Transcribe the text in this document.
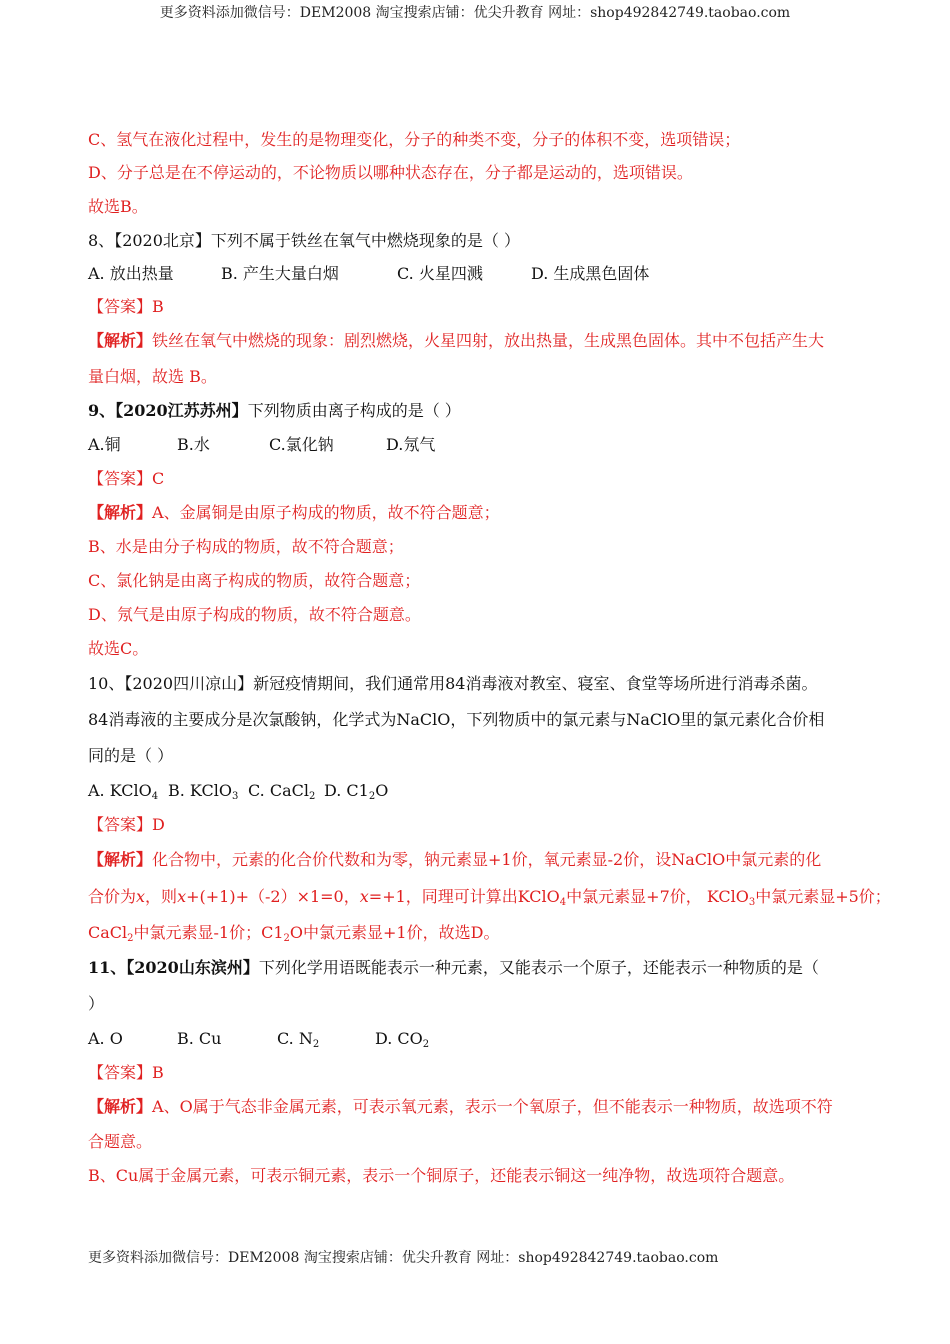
更多资料添加微信号：DEM2008 淘宝搜索店铺：优尖升教育 网址：shop492842749.taobao.com
C、氢气在液化过程中，发生的是物理变化，分子的种类不变，分子的体积不变，选项错误；
D、分子总是在不停运动的，不论物质以哪种状态存在，分子都是运动的，选项错误。
故选B。
8、【2020北京】下列不属于铁丝在氧气中燃烧现象的是（ ）
A. 放出热量	B. 产生大量白烟	C. 火星四溅	D. 生成黑色固体
【答案】B
【解析】铁丝在氧气中燃烧的现象：剧烈燃烧，火星四射，放出热量，生成黑色固体。其中不包括产生大
量白烟，故选 B。
9、【2020江苏苏州】下列物质由离子构成的是（ ）
A.铜	B.水	C.氯化钠	D.氖气
【答案】C
【解析】A、金属铜是由原子构成的物质，故不符合题意；
B、水是由分子构成的物质，故不符合题意；
C、氯化钠是由离子构成的物质，故符合题意；
D、氖气是由原子构成的物质，故不符合题意。
故选C。
10、【2020四川凉山】新冠疫情期间，我们通常用84消毒液对教室、寝室、食堂等场所进行消毒杀菌。
84消毒液的主要成分是次氯酸钠，化学式为NaClO，下列物质中的氯元素与NaClO里的氯元素化合价相
同的是（ ）
A. KClO$_4$ B. KClO$_3$ C. CaCl$_2$ D. $C1_2O$
【答案】D
【解析】化合物中，元素的化合价代数和为零，钠元素显+1价，氧元素显-2价，设NaClO中氯元素的化
合价为x，则x+(+1)+（-2）×1=0，x=+1，同理可计算出KClO$_4$中氯元素显+7价， KClO$_3$中氯元素显+5价；
CaCl$_2$中氯元素显-1价；$C1_2O$中氯元素显+1价，故选D。
11、【2020山东滨州】下列化学用语既能表示一种元素，又能表示一个原子，还能表示一种物质的是（
）
A. O	B. Cu	C. $N_2$	D. $CO_2$
【答案】B
【解析】A、O属于气态非金属元素，可表示氧元素，表示一个氧原子，但不能表示一种物质，故选项不符
合题意。
B、Cu属于金属元素，可表示铜元素，表示一个铜原子，还能表示铜这一纯净物，故选项符合题意。
更多资料添加微信号：DEM2008 淘宝搜索店铺：优尖升教育 网址：shop492842749.taobao.com
